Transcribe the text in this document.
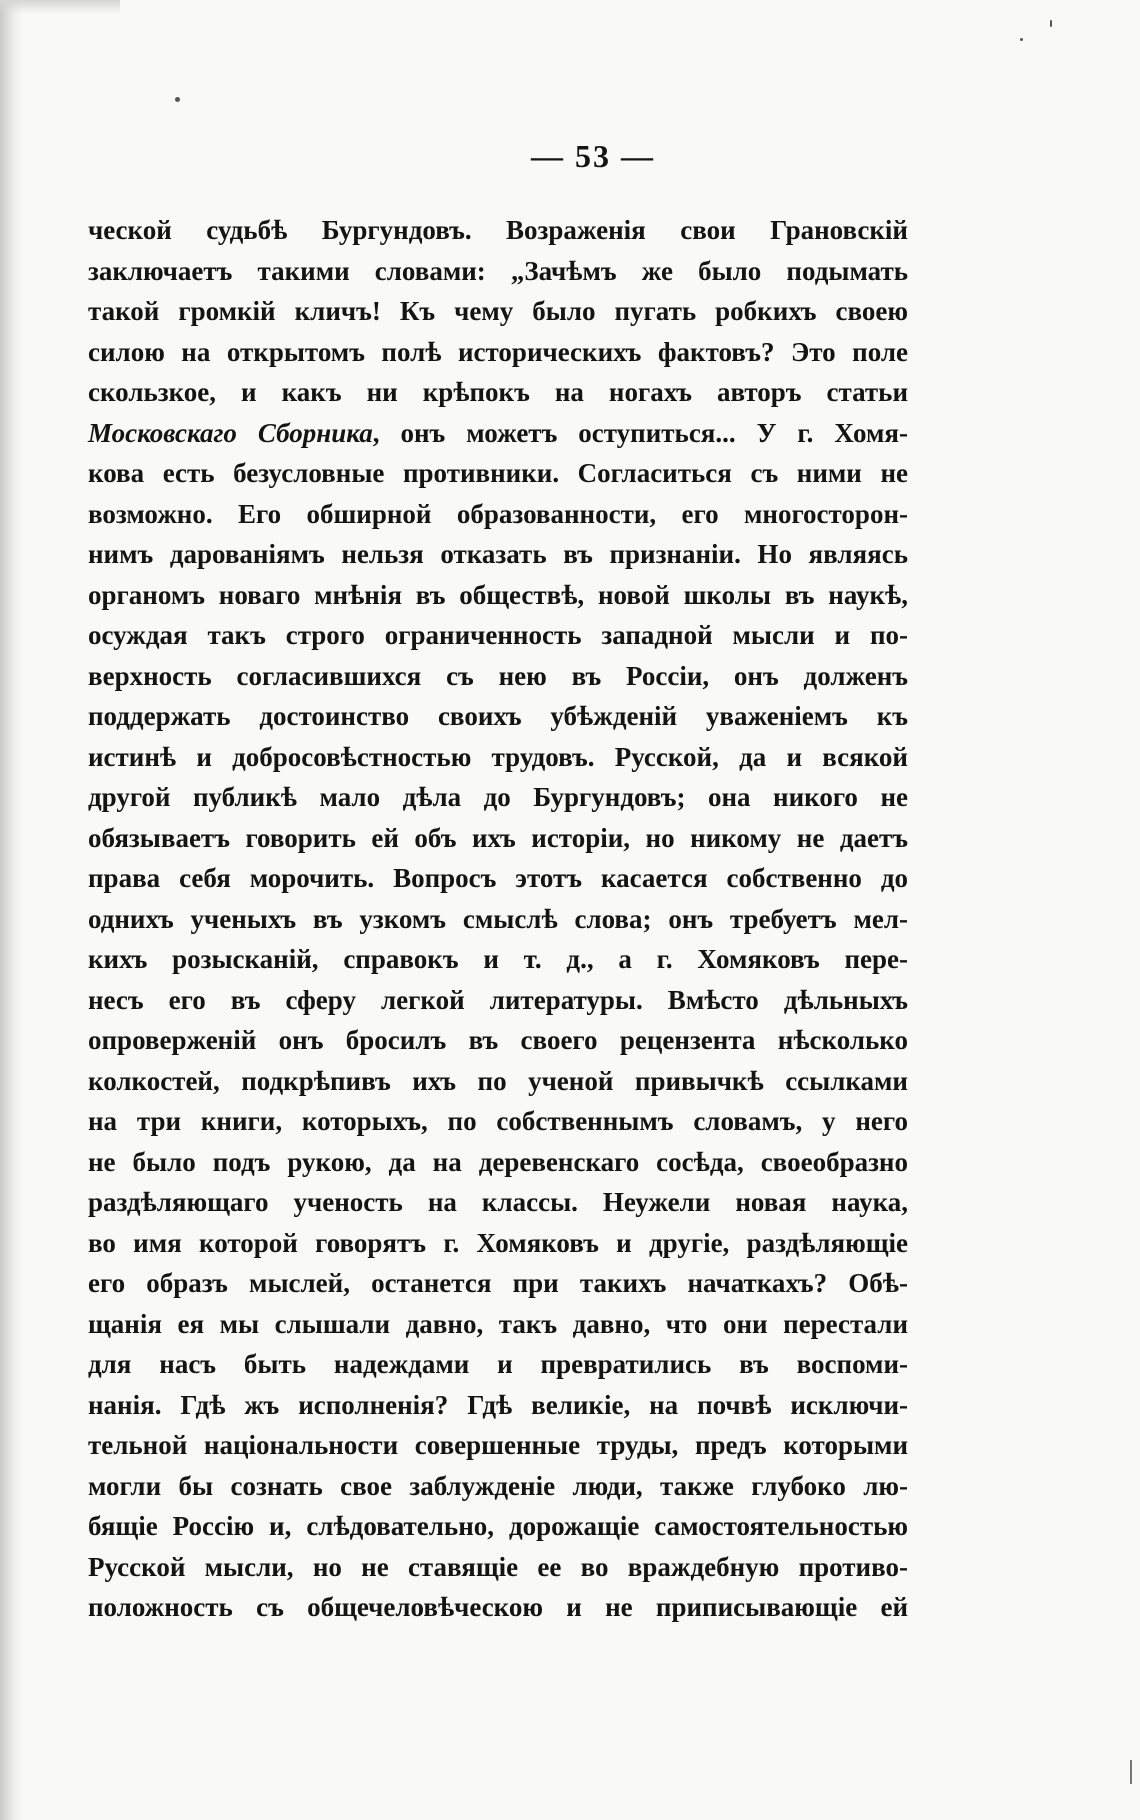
— 53 —
ческой судьбѣ Бургундовъ. Возраженія свои Грановскій
заключаетъ такими словами: „Зачѣмъ же было подымать
такой громкій кличъ! Къ чему было пугать робкихъ своею
силою на открытомъ полѣ историческихъ фактовъ? Это поле
скользкое, и какъ ни крѣпокъ на ногахъ авторъ статьи
Московскаго Сборника, онъ можетъ оступиться... У г. Хомя-
кова есть безусловные противники. Согласиться съ ними не
возможно. Его обширной образованности, его многосторон-
нимъ дарованіямъ нельзя отказать въ признаніи. Но являясь
органомъ новаго мнѣнія въ обществѣ, новой школы въ наукѣ,
осуждая такъ строго ограниченность западной мысли и по-
верхность согласившихся съ нею въ Россіи, онъ долженъ
поддержать достоинство своихъ убѣжденій уваженіемъ къ
истинѣ и добросовѣстностью трудовъ. Русской, да и всякой
другой публикѣ мало дѣла до Бургундовъ; она никого не
обязываетъ говорить ей объ ихъ исторіи, но никому не даетъ
права себя морочить. Вопросъ этотъ касается собственно до
однихъ ученыхъ въ узкомъ смыслѣ слова; онъ требуетъ мел-
кихъ розысканій, справокъ и т. д., а г. Хомяковъ пере-
несъ его въ сферу легкой литературы. Вмѣсто дѣльныхъ
опроверженій онъ бросилъ въ своего рецензента нѣсколько
колкостей, подкрѣпивъ ихъ по ученой привычкѣ ссылками
на три книги, которыхъ, по собственнымъ словамъ, у него
не было подъ рукою, да на деревенскаго сосѣда, своеобразно
раздѣляющаго ученость на классы. Неужели новая наука,
во имя которой говорятъ г. Хомяковъ и другіе, раздѣляющіе
его образъ мыслей, останется при такихъ начаткахъ? Обѣ-
щанія ея мы слышали давно, такъ давно, что они перестали
для насъ быть надеждами и превратились въ воспоми-
нанія. Гдѣ жъ исполненія? Гдѣ великіе, на почвѣ исключи-
тельной національности совершенные труды, предъ которыми
могли бы сознать свое заблужденіе люди, также глубоко лю-
бящіе Россію и, слѣдовательно, дорожащіе самостоятельностью
Русской мысли, но не ставящіе ее во враждебную противо-
положность съ общечеловѣческою и не приписывающіе ей
